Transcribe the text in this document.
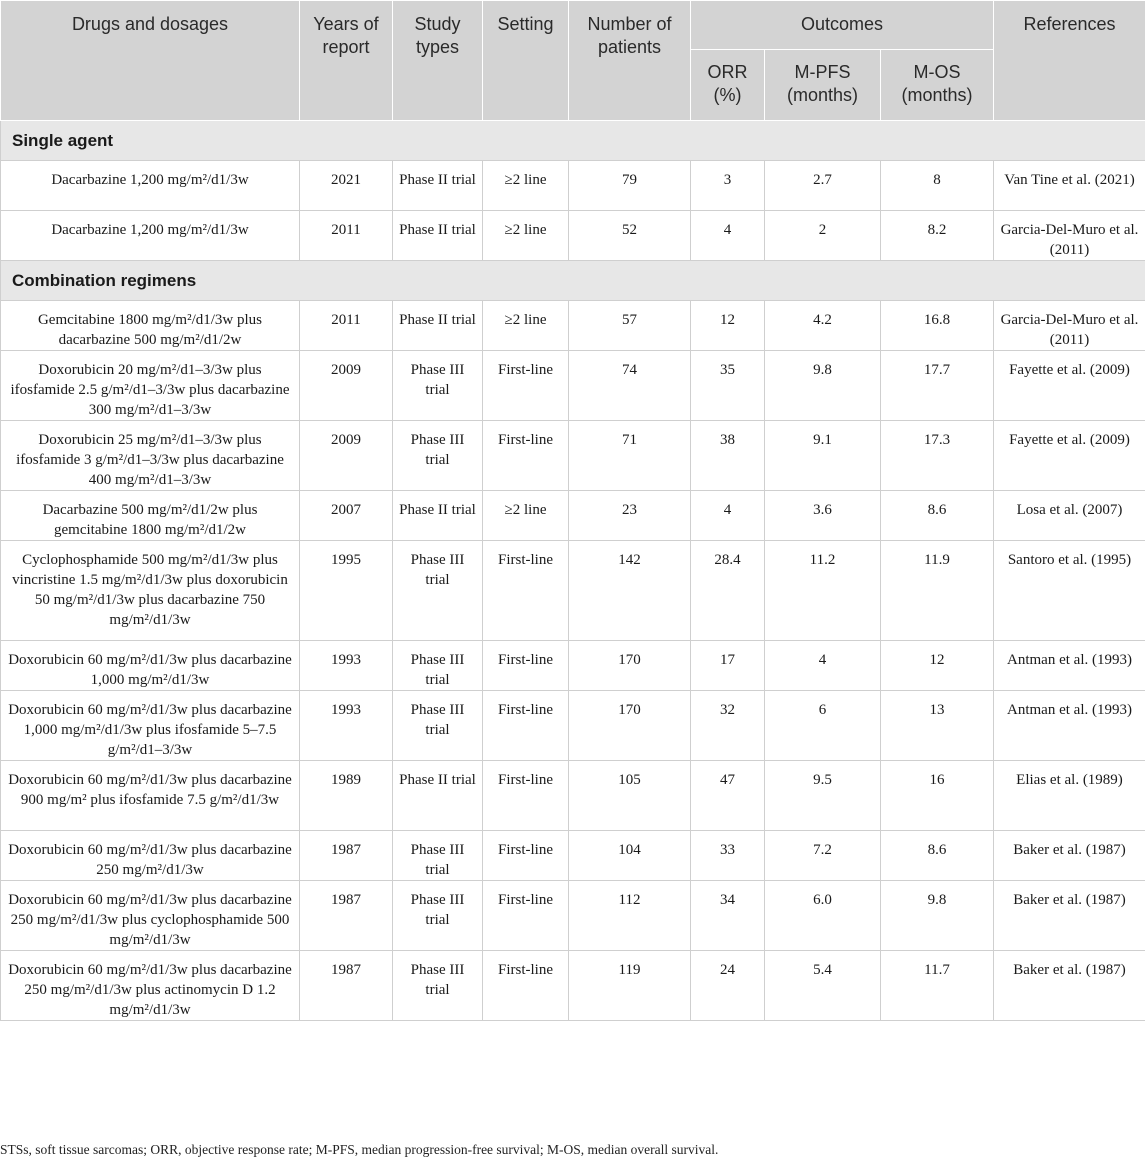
Drugs and dosages	Years of report	Study types	Setting	Number of patients	Outcomes			References
					ORR (%)	M-PFS (months)	M-OS (months)	
Single agent								
Dacarbazine 1,200 mg/m²/d1/3w	2021	Phase II trial	≥2 line	79	3	2.7	8	Van Tine et al. (2021)
Dacarbazine 1,200 mg/m²/d1/3w	2011	Phase II trial	≥2 line	52	4	2	8.2	Garcia-Del-Muro et al. (2011)
Combination regimens								
Gemcitabine 1800 mg/m²/d1/3w plus dacarbazine 500 mg/m²/d1/2w	2011	Phase II trial	≥2 line	57	12	4.2	16.8	Garcia-Del-Muro et al. (2011)
Doxorubicin 20 mg/m²/d1–3/3w plus ifosfamide 2.5 g/m²/d1–3/3w plus dacarbazine 300 mg/m²/d1–3/3w	2009	Phase III trial	First-line	74	35	9.8	17.7	Fayette et al. (2009)
Doxorubicin 25 mg/m²/d1–3/3w plus ifosfamide 3 g/m²/d1–3/3w plus dacarbazine 400 mg/m²/d1–3/3w	2009	Phase III trial	First-line	71	38	9.1	17.3	Fayette et al. (2009)
Dacarbazine 500 mg/m²/d1/2w plus gemcitabine 1800 mg/m²/d1/2w	2007	Phase II trial	≥2 line	23	4	3.6	8.6	Losa et al. (2007)
Cyclophosphamide 500 mg/m²/d1/3w plus vincristine 1.5 mg/m²/d1/3w plus doxorubicin 50 mg/m²/d1/3w plus dacarbazine 750 mg/m²/d1/3w	1995	Phase III trial	First-line	142	28.4	11.2	11.9	Santoro et al. (1995)
Doxorubicin 60 mg/m²/d1/3w plus dacarbazine 1,000 mg/m²/d1/3w	1993	Phase III trial	First-line	170	17	4	12	Antman et al. (1993)
Doxorubicin 60 mg/m²/d1/3w plus dacarbazine 1,000 mg/m²/d1/3w plus ifosfamide 5–7.5 g/m²/d1–3/3w	1993	Phase III trial	First-line	170	32	6	13	Antman et al. (1993)
Doxorubicin 60 mg/m²/d1/3w plus dacarbazine 900 mg/m² plus ifosfamide 7.5 g/m²/d1/3w	1989	Phase II trial	First-line	105	47	9.5	16	Elias et al. (1989)
Doxorubicin 60 mg/m²/d1/3w plus dacarbazine 250 mg/m²/d1/3w	1987	Phase III trial	First-line	104	33	7.2	8.6	Baker et al. (1987)
Doxorubicin 60 mg/m²/d1/3w plus dacarbazine 250 mg/m²/d1/3w plus cyclophosphamide 500 mg/m²/d1/3w	1987	Phase III trial	First-line	112	34	6.0	9.8	Baker et al. (1987)
Doxorubicin 60 mg/m²/d1/3w plus dacarbazine 250 mg/m²/d1/3w plus actinomycin D 1.2 mg/m²/d1/3w	1987	Phase III trial	First-line	119	24	5.4	11.7	Baker et al. (1987)
STSs, soft tissue sarcomas; ORR, objective response rate; M-PFS, median progression-free survival; M-OS, median overall survival.
